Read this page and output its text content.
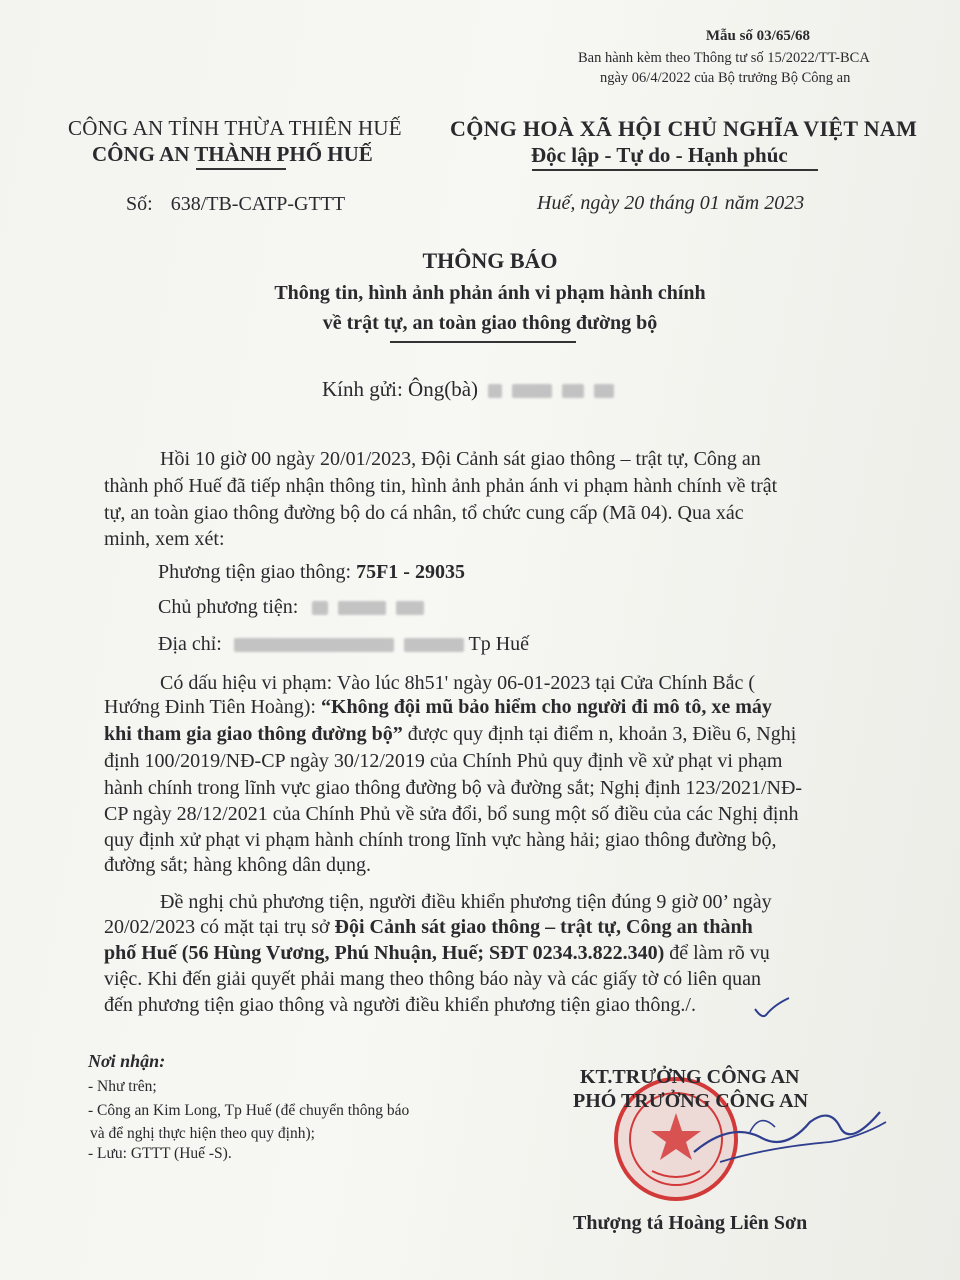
Mẫu số 03/65/68
Ban hành kèm theo Thông tư số 15/2022/TT-BCA
ngày 06/4/2022 của Bộ trưởng Bộ Công an
CÔNG AN TỈNH THỪA THIÊN HUẾ
CÔNG AN THÀNH PHỐ HUẾ
CỘNG HOÀ XÃ HỘI CHỦ NGHĨA VIỆT NAM
Độc lập - Tự do - Hạnh phúc
Số: 638/TB-CATP-GTTT	Huế, ngày 20 tháng 01 năm 2023
THÔNG BÁO
Thông tin, hình ảnh phản ánh vi phạm hành chính
về trật tự, an toàn giao thông đường bộ
Kính gửi: Ông(bà)
Hồi 10 giờ 00 ngày 20/01/2023, Đội Cảnh sát giao thông – trật tự, Công an
thành phố Huế đã tiếp nhận thông tin, hình ảnh phản ánh vi phạm hành chính về trật
tự, an toàn giao thông đường bộ do cá nhân, tổ chức cung cấp (Mã 04). Qua xác
minh, xem xét:
Phương tiện giao thông: 75F1 - 29035
Chủ phương tiện:
Địa chỉ:	Tp Huế
Có dấu hiệu vi phạm: Vào lúc 8h51' ngày 06-01-2023 tại Cửa Chính Bắc (
Hướng Đinh Tiên Hoàng): “Không đội mũ bảo hiểm cho người đi mô tô, xe máy
khi tham gia giao thông đường bộ” được quy định tại điểm n, khoản 3, Điều 6, Nghị
định 100/2019/NĐ-CP ngày 30/12/2019 của Chính Phủ quy định về xử phạt vi phạm
hành chính trong lĩnh vực giao thông đường bộ và đường sắt; Nghị định 123/2021/NĐ-
CP ngày 28/12/2021 của Chính Phủ về sửa đổi, bổ sung một số điều của các Nghị định
quy định xử phạt vi phạm hành chính trong lĩnh vực hàng hải; giao thông đường bộ,
đường sắt; hàng không dân dụng.
Đề nghị chủ phương tiện, người điều khiển phương tiện đúng 9 giờ 00’ ngày
20/02/2023 có mặt tại trụ sở Đội Cảnh sát giao thông – trật tự, Công an thành
phố Huế (56 Hùng Vương, Phú Nhuận, Huế; SĐT 0234.3.822.340) để làm rõ vụ
việc. Khi đến giải quyết phải mang theo thông báo này và các giấy tờ có liên quan
đến phương tiện giao thông và người điều khiển phương tiện giao thông./.
Nơi nhận:
- Như trên;
- Công an Kim Long, Tp Huế (để chuyển thông báo
và để nghị thực hiện theo quy định);
- Lưu: GTTT (Huế -S).
KT.TRƯỞNG CÔNG AN
PHÓ TRƯỞNG CÔNG AN
Thượng tá Hoàng Liên Sơn
